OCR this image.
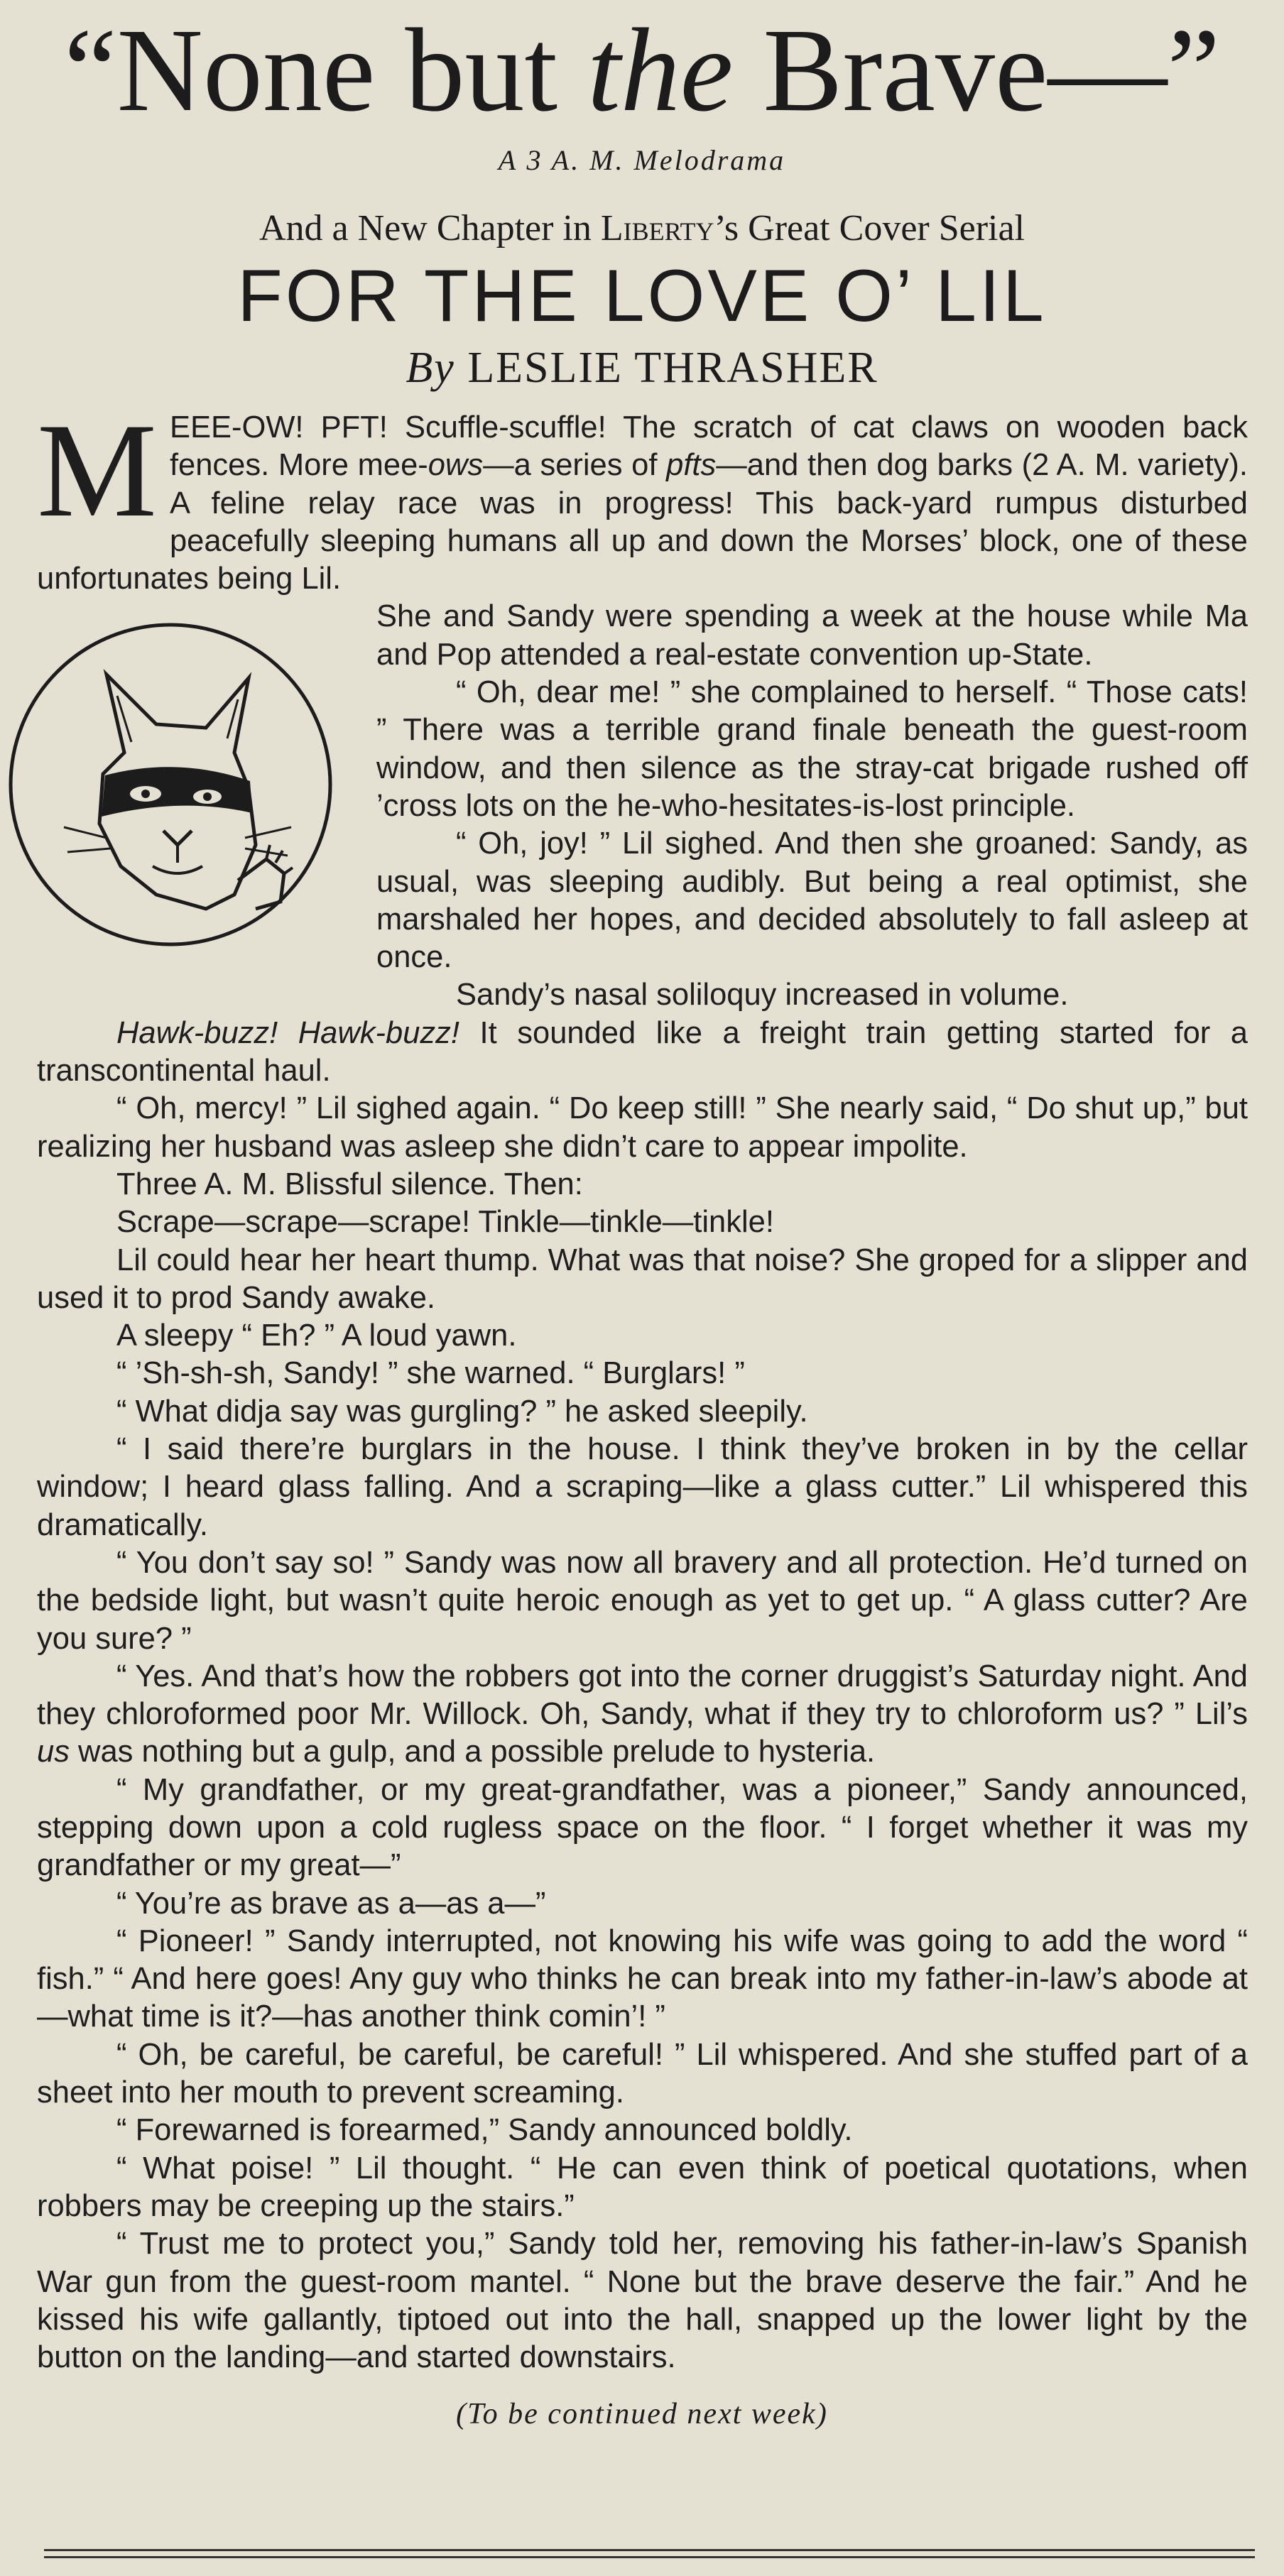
“None but the Brave—”
A 3 A. M. Melodrama
And a New Chapter in Liberty’s Great Cover Serial
FOR THE LOVE O’ LIL
By LESLIE THRASHER

MEEE-OW! PFT! Scuffle-scuffle! The scratch of cat claws on wooden back fences. More mee-ows—a series of pfts—and then dog barks (2 A. M. variety). A feline relay race was in progress! This back-yard rumpus disturbed peacefully sleeping humans all up and down the Morses’ block, one of these unfortunates being Lil.

She and Sandy were spending a week at the house while Ma and Pop attended a real-estate convention up-State.

“ Oh, dear me! ” she complained to herself. “ Those cats! ” There was a terrible grand finale beneath the guest-room window, and then silence as the stray-cat brigade rushed off ’cross lots on the he-who-hesitates-is-lost principle.

“ Oh, joy! ” Lil sighed. And then she groaned: Sandy, as usual, was sleeping audibly. But being a real optimist, she marshaled her hopes, and decided absolutely to fall asleep at once.

Sandy’s nasal soliloquy increased in volume.

Hawk-buzz! Hawk-buzz! It sounded like a freight train getting started for a transcontinental haul.

“ Oh, mercy! ” Lil sighed again. “ Do keep still! ” She nearly said, “ Do shut up,” but realizing her husband was asleep she didn’t care to appear impolite.

Three A. M. Blissful silence. Then:

Scrape—scrape—scrape! Tinkle—tinkle—tinkle!

Lil could hear her heart thump. What was that noise? She groped for a slipper and used it to prod Sandy awake.

A sleepy “ Eh? ” A loud yawn.

“ ’Sh-sh-sh, Sandy! ” she warned. “ Burglars! ”

“ What didja say was gurgling? ” he asked sleepily.

“ I said there’re burglars in the house. I think they’ve broken in by the cellar window; I heard glass falling. And a scraping—like a glass cutter.” Lil whispered this dramatically.

“ You don’t say so! ” Sandy was now all bravery and all protection. He’d turned on the bedside light, but wasn’t quite heroic enough as yet to get up. “ A glass cutter? Are you sure? ”

“ Yes. And that’s how the robbers got into the corner druggist’s Saturday night. And they chloroformed poor Mr. Willock. Oh, Sandy, what if they try to chloroform us? ” Lil’s us was nothing but a gulp, and a possible prelude to hysteria.

“ My grandfather, or my great-grandfather, was a pioneer,” Sandy announced, stepping down upon a cold rugless space on the floor. “ I forget whether it was my grandfather or my great—”

“ You’re as brave as a—as a—”

“ Pioneer! ” Sandy interrupted, not knowing his wife was going to add the word “ fish.” “ And here goes! Any guy who thinks he can break into my father-in-law’s abode at—what time is it?—has another think comin’! ”

“ Oh, be careful, be careful, be careful! ” Lil whispered. And she stuffed part of a sheet into her mouth to prevent screaming.

“ Forewarned is forearmed,” Sandy announced boldly.

“ What poise! ” Lil thought. “ He can even think of poetical quotations, when robbers may be creeping up the stairs.”

“ Trust me to protect you,” Sandy told her, removing his father-in-law’s Spanish War gun from the guest-room mantel. “ None but the brave deserve the fair.” And he kissed his wife gallantly, tiptoed out into the hall, snapped up the lower light by the button on the landing—and started downstairs.

(To be continued next week)
